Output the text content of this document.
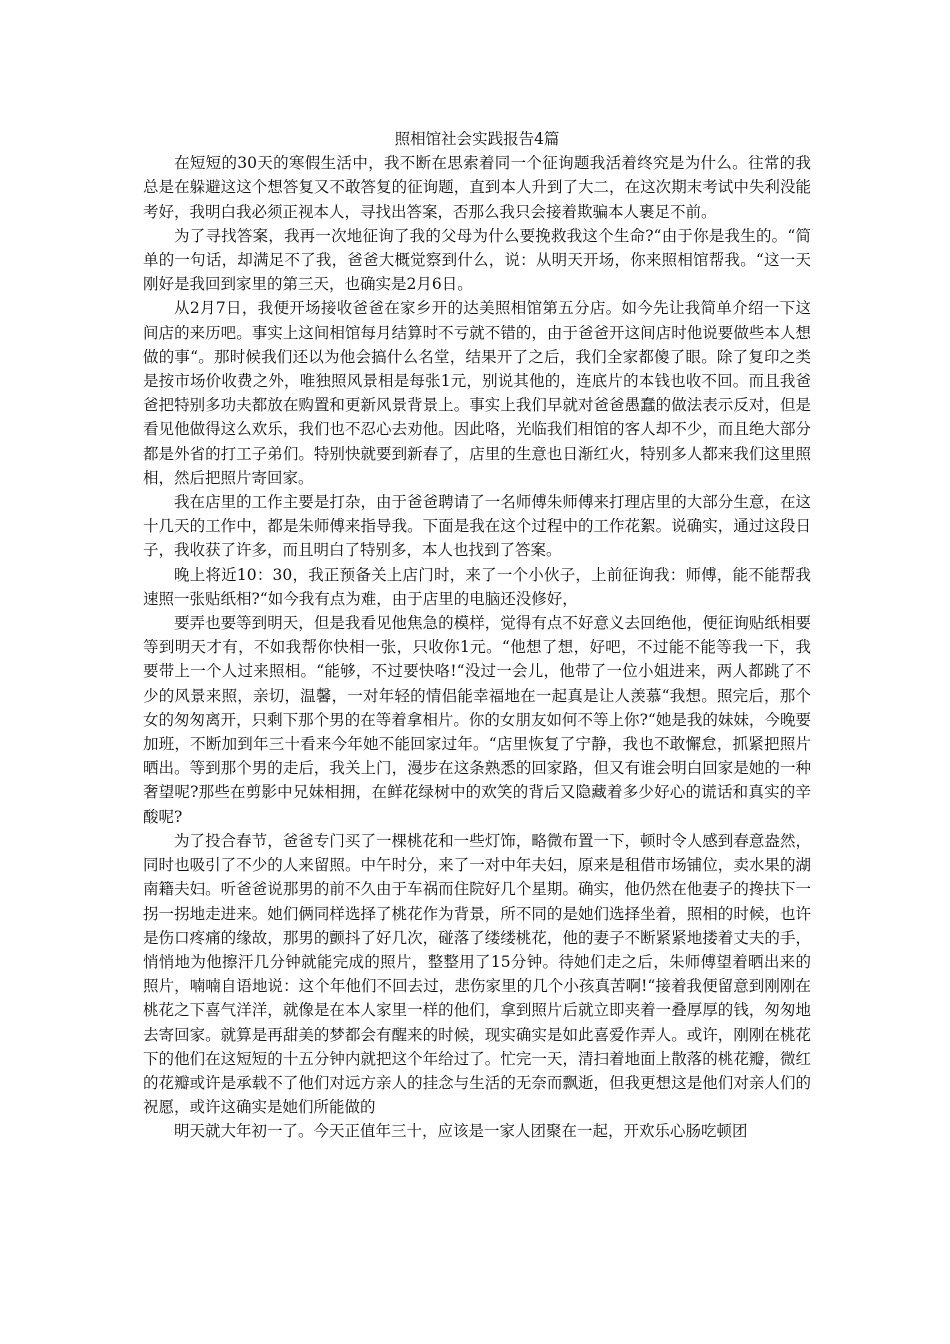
照相馆社会实践报告4篇

在短短的30天的寒假生活中，我不断在思索着同一个征询题我活着终究是为什么。往常的我总是在躲避这这个想答复又不敢答复的征询题，直到本人升到了大二，在这次期末考试中失利没能考好，我明白我必须正视本人，寻找出答案，否那么我只会接着欺骗本人裹足不前。

为了寻找答案，我再一次地征询了我的父母为什么要挽救我这个生命?“由于你是我生的。“简单的一句话，却满足不了我，爸爸大概觉察到什么，说：从明天开场，你来照相馆帮我。“这一天刚好是我回到家里的第三天，也确实是2月6日。

从2月7日，我便开场接收爸爸在家乡开的达美照相馆第五分店。如今先让我简单介绍一下这间店的来历吧。事实上这间相馆每月结算时不亏就不错的，由于爸爸开这间店时他说要做些本人想做的事“。那时候我们还以为他会搞什么名堂，结果开了之后，我们全家都傻了眼。除了复印之类是按市场价收费之外，唯独照风景相是每张1元，别说其他的，连底片的本钱也收不回。而且我爸爸把特别多功夫都放在购置和更新风景背景上。事实上我们早就对爸爸愚蠢的做法表示反对，但是看见他做得这么欢乐，我们也不忍心去劝他。因此咯，光临我们相馆的客人却不少，而且绝大部分都是外省的打工子弟们。特别快就要到新春了，店里的生意也日渐红火，特别多人都来我们这里照相，然后把照片寄回家。

我在店里的工作主要是打杂，由于爸爸聘请了一名师傅朱师傅来打理店里的大部分生意，在这十几天的工作中，都是朱师傅来指导我。下面是我在这个过程中的工作花絮。说确实，通过这段日子，我收获了许多，而且明白了特别多，本人也找到了答案。

晚上将近10：30，我正预备关上店门时，来了一个小伙子，上前征询我：师傅，能不能帮我速照一张贴纸相?“如今我有点为难，由于店里的电脑还没修好，

要弄也要等到明天，但是我看见他焦急的模样，觉得有点不好意义去回绝他，便征询贴纸相要等到明天才有，不如我帮你快相一张，只收你1元。“他想了想，好吧，不过能不能等我一下，我要带上一个人过来照相。“能够，不过要快咯!“没过一会儿，他带了一位小姐进来，两人都跳了不少的风景来照，亲切，温馨，一对年轻的情侣能幸福地在一起真是让人羡慕“我想。照完后，那个女的匆匆离开，只剩下那个男的在等着拿相片。你的女朋友如何不等上你?“她是我的妹妹，今晚要加班，不断加到年三十看来今年她不能回家过年。“店里恢复了宁静，我也不敢懈怠，抓紧把照片晒出。等到那个男的走后，我关上门，漫步在这条熟悉的回家路，但又有谁会明白回家是她的一种奢望呢?那些在剪影中兄妹相拥，在鲜花绿树中的欢笑的背后又隐藏着多少好心的谎话和真实的辛酸呢?

为了投合春节，爸爸专门买了一棵桃花和一些灯饰，略微布置一下，顿时令人感到春意盎然，同时也吸引了不少的人来留照。中午时分，来了一对中年夫妇，原来是租借市场铺位，卖水果的湖南籍夫妇。听爸爸说那男的前不久由于车祸而住院好几个星期。确实，他仍然在他妻子的搀扶下一拐一拐地走进来。她们俩同样选择了桃花作为背景，所不同的是她们选择坐着，照相的时候，也许是伤口疼痛的缘故，那男的颤抖了好几次，碰落了缕缕桃花，他的妻子不断紧紧地搂着丈夫的手，悄悄地为他擦汗几分钟就能完成的照片，整整用了15分钟。待她们走之后，朱师傅望着晒出来的照片，喃喃自语地说：这个年他们不回去过，悲伤家里的几个小孩真苦啊!“接着我便留意到刚刚在桃花之下喜气洋洋，就像是在本人家里一样的他们，拿到照片后就立即夹着一叠厚厚的钱，匆匆地去寄回家。就算是再甜美的梦都会有醒来的时候，现实确实是如此喜爱作弄人。或许，刚刚在桃花下的他们在这短短的十五分钟内就把这个年给过了。忙完一天，清扫着地面上散落的桃花瓣，微红的花瓣或许是承载不了他们对远方亲人的挂念与生活的无奈而飘逝，但我更想这是他们对亲人们的祝愿，或许这确实是她们所能做的

明天就大年初一了。今天正值年三十，应该是一家人团聚在一起，开欢乐心肠吃顿团
